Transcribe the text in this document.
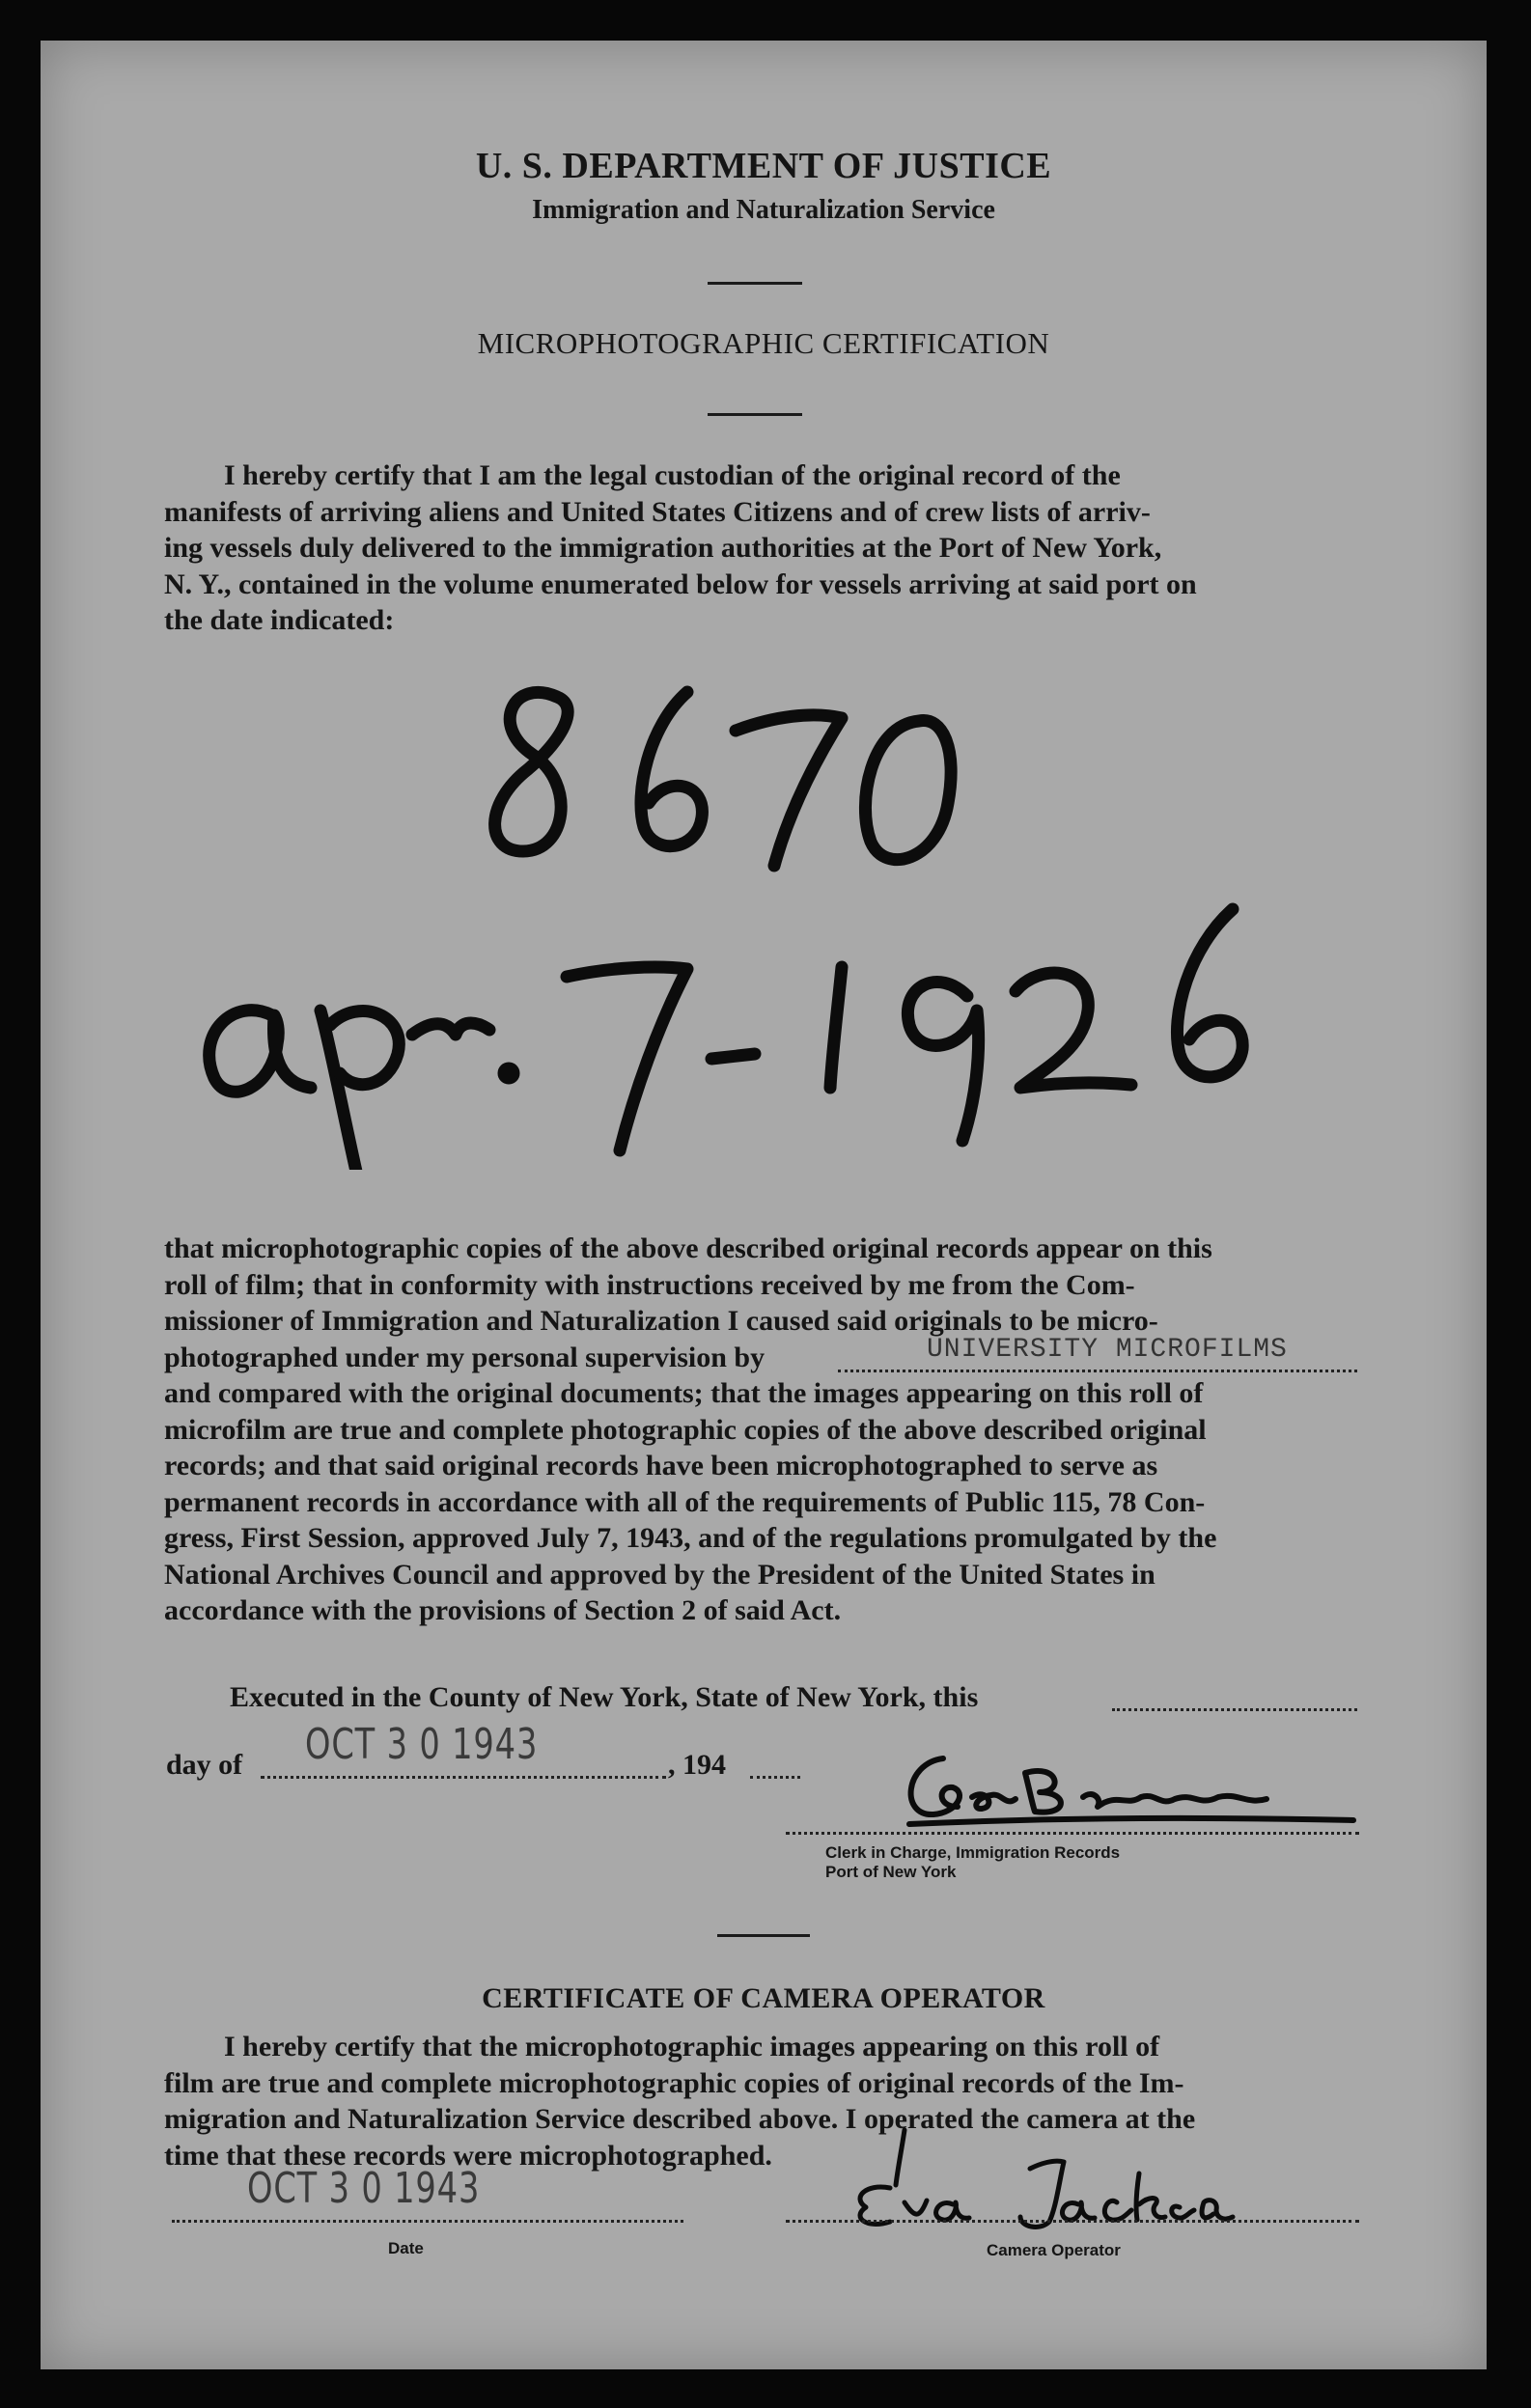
U. S. DEPARTMENT OF JUSTICE
Immigration and Naturalization Service
MICROPHOTOGRAPHIC CERTIFICATION
I hereby certify that I am the legal custodian of the original record of the
manifests of arriving aliens and United States Citizens and of crew lists of arriv-
ing vessels duly delivered to the immigration authorities at the Port of New York,
N. Y., contained in the volume enumerated below for vessels arriving at said port on
the date indicated:
that microphotographic copies of the above described original records appear on this
roll of film; that in conformity with instructions received by me from the Com-
missioner of Immigration and Naturalization I caused said originals to be micro-
photographed under my personal supervision by	UNIVERSITY MICROFILMS
and compared with the original documents; that the images appearing on this roll of
microfilm are true and complete photographic copies of the above described original
records; and that said original records have been microphotographed to serve as
permanent records in accordance with all of the requirements of Public 115, 78 Con-
gress, First Session, approved July 7, 1943, and of the regulations promulgated by the
National Archives Council and approved by the President of the United States in
accordance with the provisions of Section 2 of said Act.
Executed in the County of New York, State of New York, this
day of OCT 3 0 1943	, 194
Clerk in Charge, Immigration Records
Port of New York
CERTIFICATE OF CAMERA OPERATOR
I hereby certify that the microphotographic images appearing on this roll of
film are true and complete microphotographic copies of original records of the Im-
migration and Naturalization Service described above. I operated the camera at the
time that these records were microphotographed.
OCT 3 0 1943
Date	Camera Operator
